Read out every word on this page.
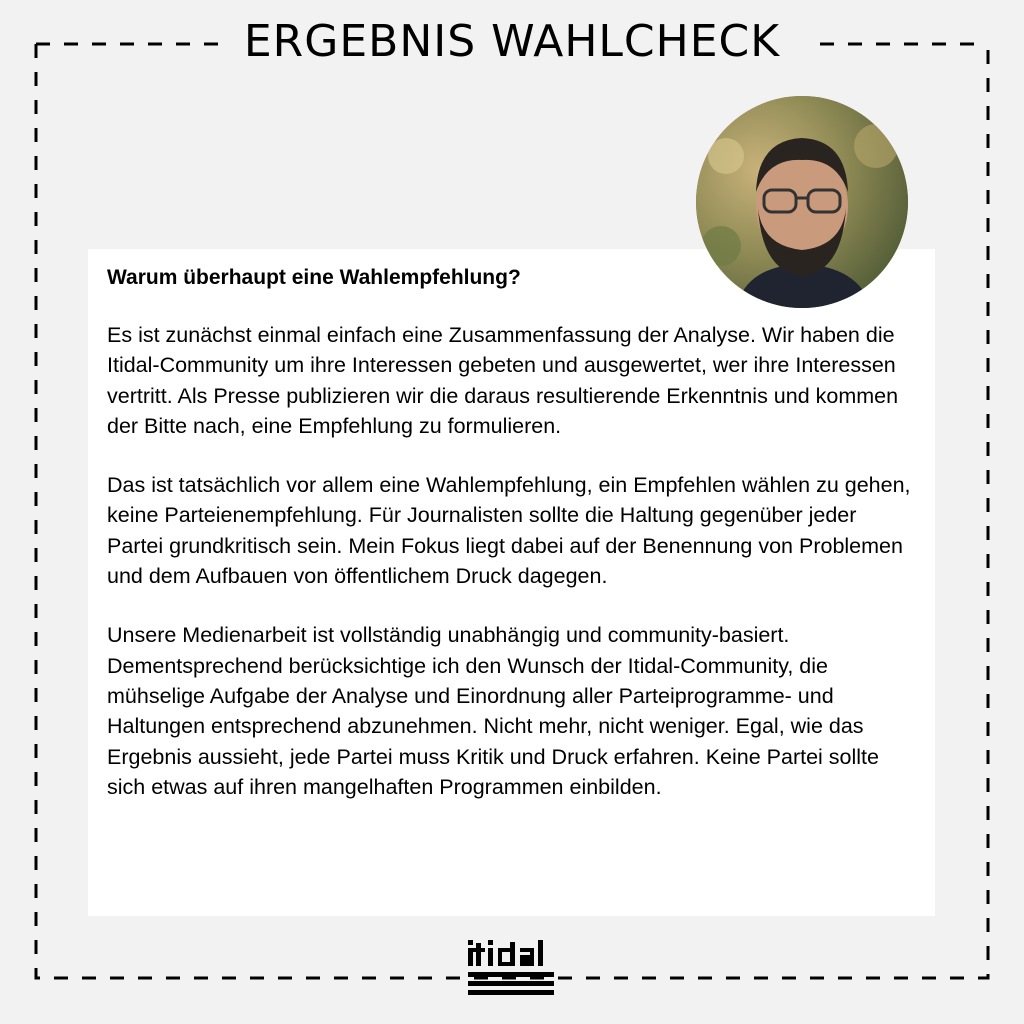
ERGEBNIS WAHLCHECK
Warum überhaupt eine Wahlempfehlung?

Es ist zunächst einmal einfach eine Zusammenfassung der Analyse. Wir haben die Itidal-Community um ihre Interessen gebeten und ausgewertet, wer ihre Interessen vertritt. Als Presse publizieren wir die daraus resultierende Erkenntnis und kommen der Bitte nach, eine Empfehlung zu formulieren.

Das ist tatsächlich vor allem eine Wahlempfehlung, ein Empfehlen wählen zu gehen, keine Parteienempfehlung. Für Journalisten sollte die Haltung gegenüber jeder Partei grundkritisch sein. Mein Fokus liegt dabei auf der Benennung von Problemen und dem Aufbauen von öffentlichem Druck dagegen.

Unsere Medienarbeit ist vollständig unabhängig und community-basiert. Dementsprechend berücksichtige ich den Wunsch der Itidal-Community, die mühselige Aufgabe der Analyse und Einordnung aller Parteiprogramme- und Haltungen entsprechend abzunehmen. Nicht mehr, nicht weniger. Egal, wie das Ergebnis aussieht, jede Partei muss Kritik und Druck erfahren. Keine Partei sollte sich etwas auf ihren mangelhaften Programmen einbilden.
